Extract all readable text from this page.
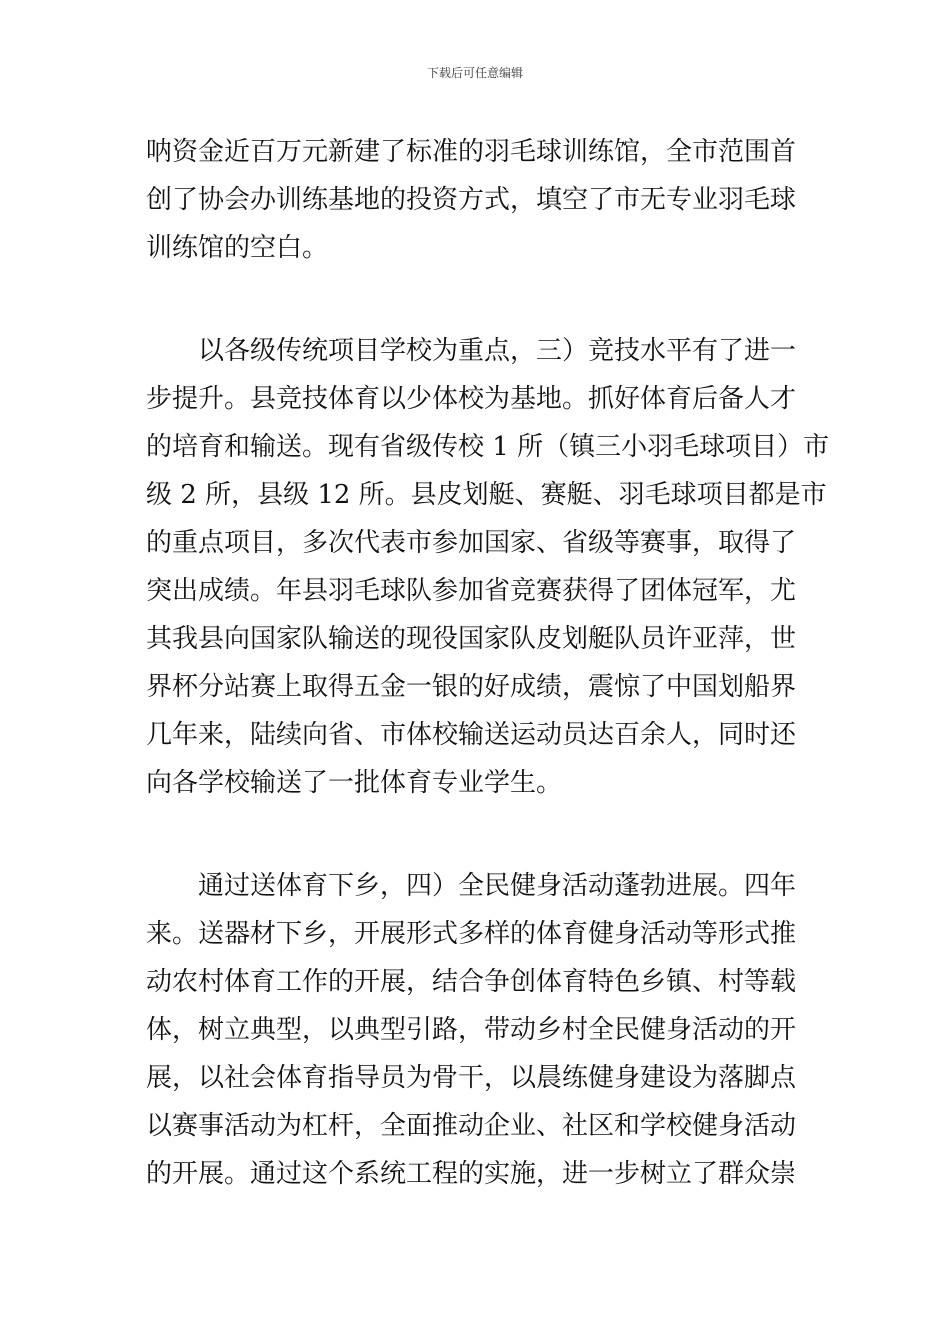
下载后可任意编辑
呐资金近百万元新建了标准的羽毛球训练馆，全市范围首
创了协会办训练基地的投资方式，填空了市无专业羽毛球
训练馆的空白。
以各级传统项目学校为重点，三）竞技水平有了进一
步提升。县竞技体育以少体校为基地。抓好体育后备人才
的培育和输送。现有省级传校 1 所（镇三小羽毛球项目）市
级 2 所，县级 12 所。县皮划艇、赛艇、羽毛球项目都是市
的重点项目，多次代表市参加国家、省级等赛事，取得了
突出成绩。年县羽毛球队参加省竞赛获得了团体冠军，尤
其我县向国家队输送的现役国家队皮划艇队员许亚萍，世
界杯分站赛上取得五金一银的好成绩，震惊了中国划船界
几年来，陆续向省、市体校输送运动员达百余人，同时还
向各学校输送了一批体育专业学生。
通过送体育下乡，四）全民健身活动蓬勃进展。四年
来。送器材下乡，开展形式多样的体育健身活动等形式推
动农村体育工作的开展，结合争创体育特色乡镇、村等载
体，树立典型，以典型引路，带动乡村全民健身活动的开
展，以社会体育指导员为骨干，以晨练健身建设为落脚点
以赛事活动为杠杆，全面推动企业、社区和学校健身活动
的开展。通过这个系统工程的实施，进一步树立了群众崇
